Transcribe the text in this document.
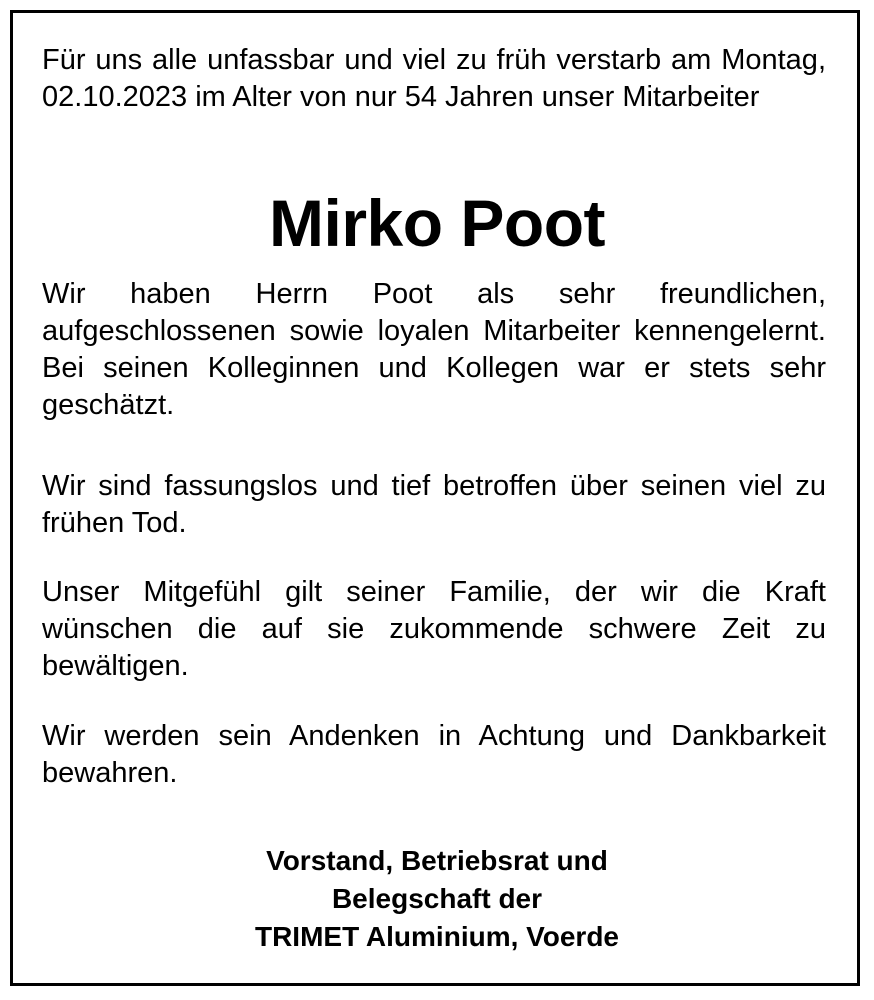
Für uns alle unfassbar und viel zu früh verstarb am Montag, 02.10.2023 im Alter von nur 54 Jahren unser Mitarbeiter
Mirko Poot
Wir haben Herrn Poot als sehr freundlichen, aufgeschlossenen sowie loyalen Mitarbeiter kennengelernt. Bei seinen Kolleginnen und Kollegen war er stets sehr geschätzt.
Wir sind fassungslos und tief betroffen über seinen viel zu frühen Tod.
Unser Mitgefühl gilt seiner Familie, der wir die Kraft wünschen die auf sie zukommende schwere Zeit zu bewältigen.
Wir werden sein Andenken in Achtung und Dankbarkeit bewahren.
Vorstand, Betriebsrat und
Belegschaft der
TRIMET Aluminium, Voerde
